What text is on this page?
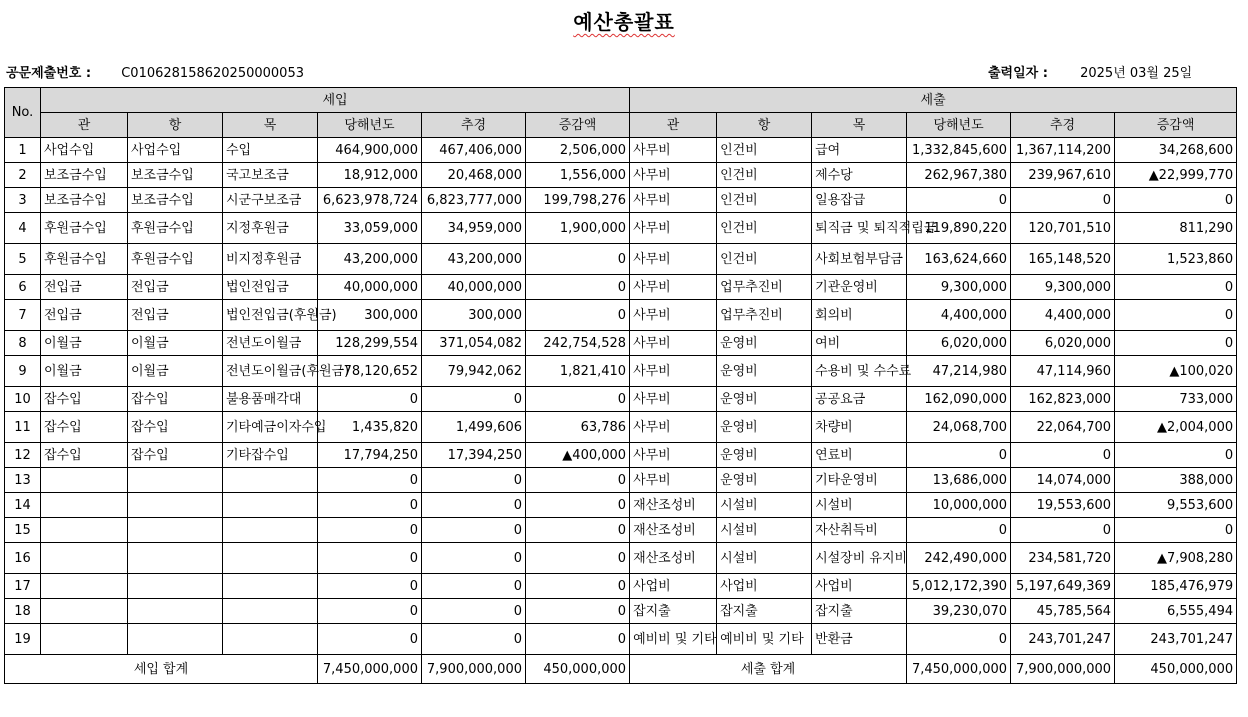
예산총괄표
공문제출번호 : C010628158620250000053	출력일자 : 2025년 03월 25일
No.	세입						세출					
	관	항	목	당해년도	추경	증감액	관	항	목	당해년도	추경	증감액
1	사업수입	사업수입	수입	464,900,000	467,406,000	2,506,000	사무비	인건비	급여	1,332,845,600	1,367,114,200	34,268,600
2	보조금수입	보조금수입	국고보조금	18,912,000	20,468,000	1,556,000	사무비	인건비	제수당	262,967,380	239,967,610	▲22,999,770
3	보조금수입	보조금수입	시군구보조금	6,623,978,724	6,823,777,000	199,798,276	사무비	인건비	일용잡급	0	0	0
4	후원금수입	후원금수입	지정후원금	33,059,000	34,959,000	1,900,000	사무비	인건비	퇴직금 및 퇴직적립금	119,890,220	120,701,510	811,290
5	후원금수입	후원금수입	비지정후원금	43,200,000	43,200,000	0	사무비	인건비	사회보험부담금	163,624,660	165,148,520	1,523,860
6	전입금	전입금	법인전입금	40,000,000	40,000,000	0	사무비	업무추진비	기관운영비	9,300,000	9,300,000	0
7	전입금	전입금	법인전입금(후원금)	300,000	300,000	0	사무비	업무추진비	회의비	4,400,000	4,400,000	0
8	이월금	이월금	전년도이월금	128,299,554	371,054,082	242,754,528	사무비	운영비	여비	6,020,000	6,020,000	0
9	이월금	이월금	전년도이월금(후원금)	78,120,652	79,942,062	1,821,410	사무비	운영비	수용비 및 수수료	47,214,980	47,114,960	▲100,020
10	잡수입	잡수입	불용품매각대	0	0	0	사무비	운영비	공공요금	162,090,000	162,823,000	733,000
11	잡수입	잡수입	기타예금이자수입	1,435,820	1,499,606	63,786	사무비	운영비	차량비	24,068,700	22,064,700	▲2,004,000
12	잡수입	잡수입	기타잡수입	17,794,250	17,394,250	▲400,000	사무비	운영비	연료비	0	0	0
13				0	0	0	사무비	운영비	기타운영비	13,686,000	14,074,000	388,000
14				0	0	0	재산조성비	시설비	시설비	10,000,000	19,553,600	9,553,600
15				0	0	0	재산조성비	시설비	자산취득비	0	0	0
16				0	0	0	재산조성비	시설비	시설장비 유지비	242,490,000	234,581,720	▲7,908,280
17				0	0	0	사업비	사업비	사업비	5,012,172,390	5,197,649,369	185,476,979
18				0	0	0	잡지출	잡지출	잡지출	39,230,070	45,785,564	6,555,494
19				0	0	0	예비비 및 기타	예비비 및 기타	반환금	0	243,701,247	243,701,247
세입 합계				7,450,000,000	7,900,000,000	450,000,000	세출 합계			7,450,000,000	7,900,000,000	450,000,000
